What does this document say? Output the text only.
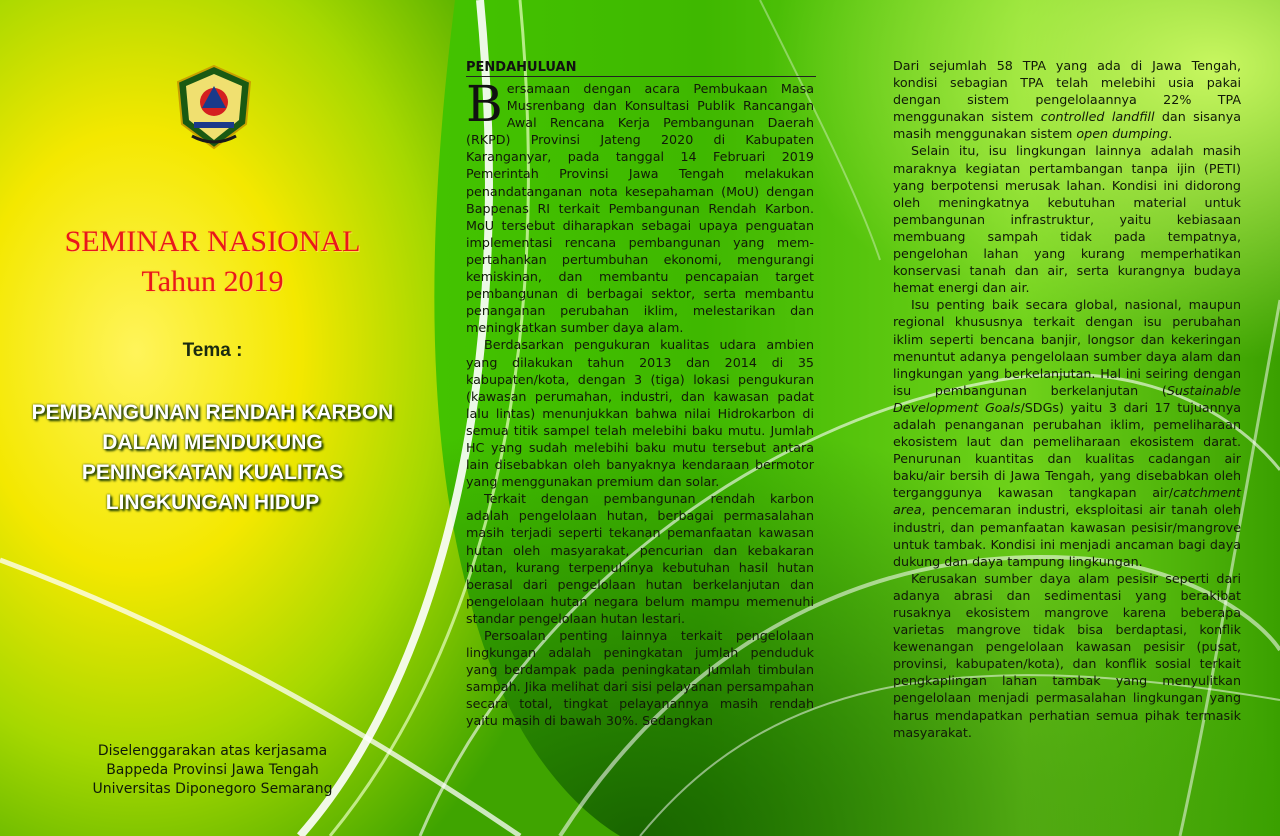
SEMINAR NASIONAL
Tahun 2019
Tema :
PEMBANGUNAN RENDAH KARBON
DALAM MENDUKUNG
PENINGKATAN KUALITAS
LINGKUNGAN HIDUP
Diselenggarakan atas kerjasama
Bappeda Provinsi Jawa Tengah
Universitas Diponegoro Semarang
PENDAHULUAN

Bersamaan dengan acara Pembukaan Masa Musrenbang dan Konsultasi Publik Rancangan Awal Rencana Kerja Pembangunan Daerah (RKPD) Provinsi Jateng 2020 di Kabupaten Karanganyar, pada tanggal 14 Februari 2019 Pemerintah Provinsi Jawa Tengah melakukan penandatanganan nota kesepahaman (MoU) dengan Bappenas RI terkait Pembangunan Rendah Karbon. MoU tersebut diharapkan sebagai upaya penguatan implementasi rencana pembangunan yang mem-pertahankan pertumbuhan ekonomi, mengurangi kemiskinan, dan membantu pencapaian target pembangunan di berbagai sektor, serta membantu penanganan perubahan iklim, melestarikan dan meningkatkan sumber daya alam.

Berdasarkan pengukuran kualitas udara ambien yang dilakukan tahun 2013 dan 2014 di 35 kabupaten/kota, dengan 3 (tiga) lokasi pengukuran (kawasan perumahan, industri, dan kawasan padat lalu lintas) menunjukkan bahwa nilai Hidrokarbon di semua titik sampel telah melebihi baku mutu. Jumlah HC yang sudah melebihi baku mutu tersebut antara lain disebabkan oleh banyaknya kendaraan bermotor yang menggunakan premium dan solar.

Terkait dengan pembangunan rendah karbon adalah pengelolaan hutan, berbagai permasalahan masih terjadi seperti tekanan pemanfaatan kawasan hutan oleh masyarakat, pencurian dan kebakaran hutan, kurang terpenuhinya kebutuhan hasil hutan berasal dari pengelolaan hutan berkelanjutan dan pengelolaan hutan negara belum mampu memenuhi standar pengelolaan hutan lestari.

Persoalan penting lainnya terkait pengelolaan lingkungan adalah peningkatan jumlah penduduk yang berdampak pada peningkatan jumlah timbulan sampah. Jika melihat dari sisi pelayanan persampahan secara total, tingkat pelayanannya masih rendah yaitu masih di bawah 30%. Sedangkan

Dari sejumlah 58 TPA yang ada di Jawa Tengah, kondisi sebagian TPA telah melebihi usia pakai dengan sistem pengelolaannya 22% TPA menggunakan sistem controlled landfill dan sisanya masih menggunakan sistem open dumping.

Selain itu, isu lingkungan lainnya adalah masih maraknya kegiatan pertambangan tanpa ijin (PETI) yang berpotensi merusak lahan. Kondisi ini didorong oleh meningkatnya kebutuhan material untuk pembangunan infrastruktur, yaitu kebiasaan membuang sampah tidak pada tempatnya, pengelohan lahan yang kurang memperhatikan konservasi tanah dan air, serta kurangnya budaya hemat energi dan air.

Isu penting baik secara global, nasional, maupun regional khususnya terkait dengan isu perubahan iklim seperti bencana banjir, longsor dan kekeringan menuntut adanya pengelolaan sumber daya alam dan lingkungan yang berkelanjutan. Hal ini seiring dengan isu pembangunan berkelanjutan (Sustainable Development Goals/SDGs) yaitu 3 dari 17 tujuannya adalah penanganan perubahan iklim, pemeliharaan ekosistem laut dan pemeliharaan ekosistem darat. Penurunan kuantitas dan kualitas cadangan air baku/air bersih di Jawa Tengah, yang disebabkan oleh terganggunya kawasan tangkapan air/catchment area, pencemaran industri, eksploitasi air tanah oleh industri, dan pemanfaatan kawasan pesisir/mangrove untuk tambak. Kondisi ini menjadi ancaman bagi daya dukung dan daya tampung lingkungan.

Kerusakan sumber daya alam pesisir seperti dari adanya abrasi dan sedimentasi yang berakibat rusaknya ekosistem mangrove karena beberapa varietas mangrove tidak bisa berdaptasi, konflik kewenangan pengelolaan kawasan pesisir (pusat, provinsi, kabupaten/kota), dan konflik sosial terkait pengkaplingan lahan tambak yang menyulitkan pengelolaan menjadi permasalahan lingkungan yang harus mendapatkan perhatian semua pihak termasik masyarakat.
